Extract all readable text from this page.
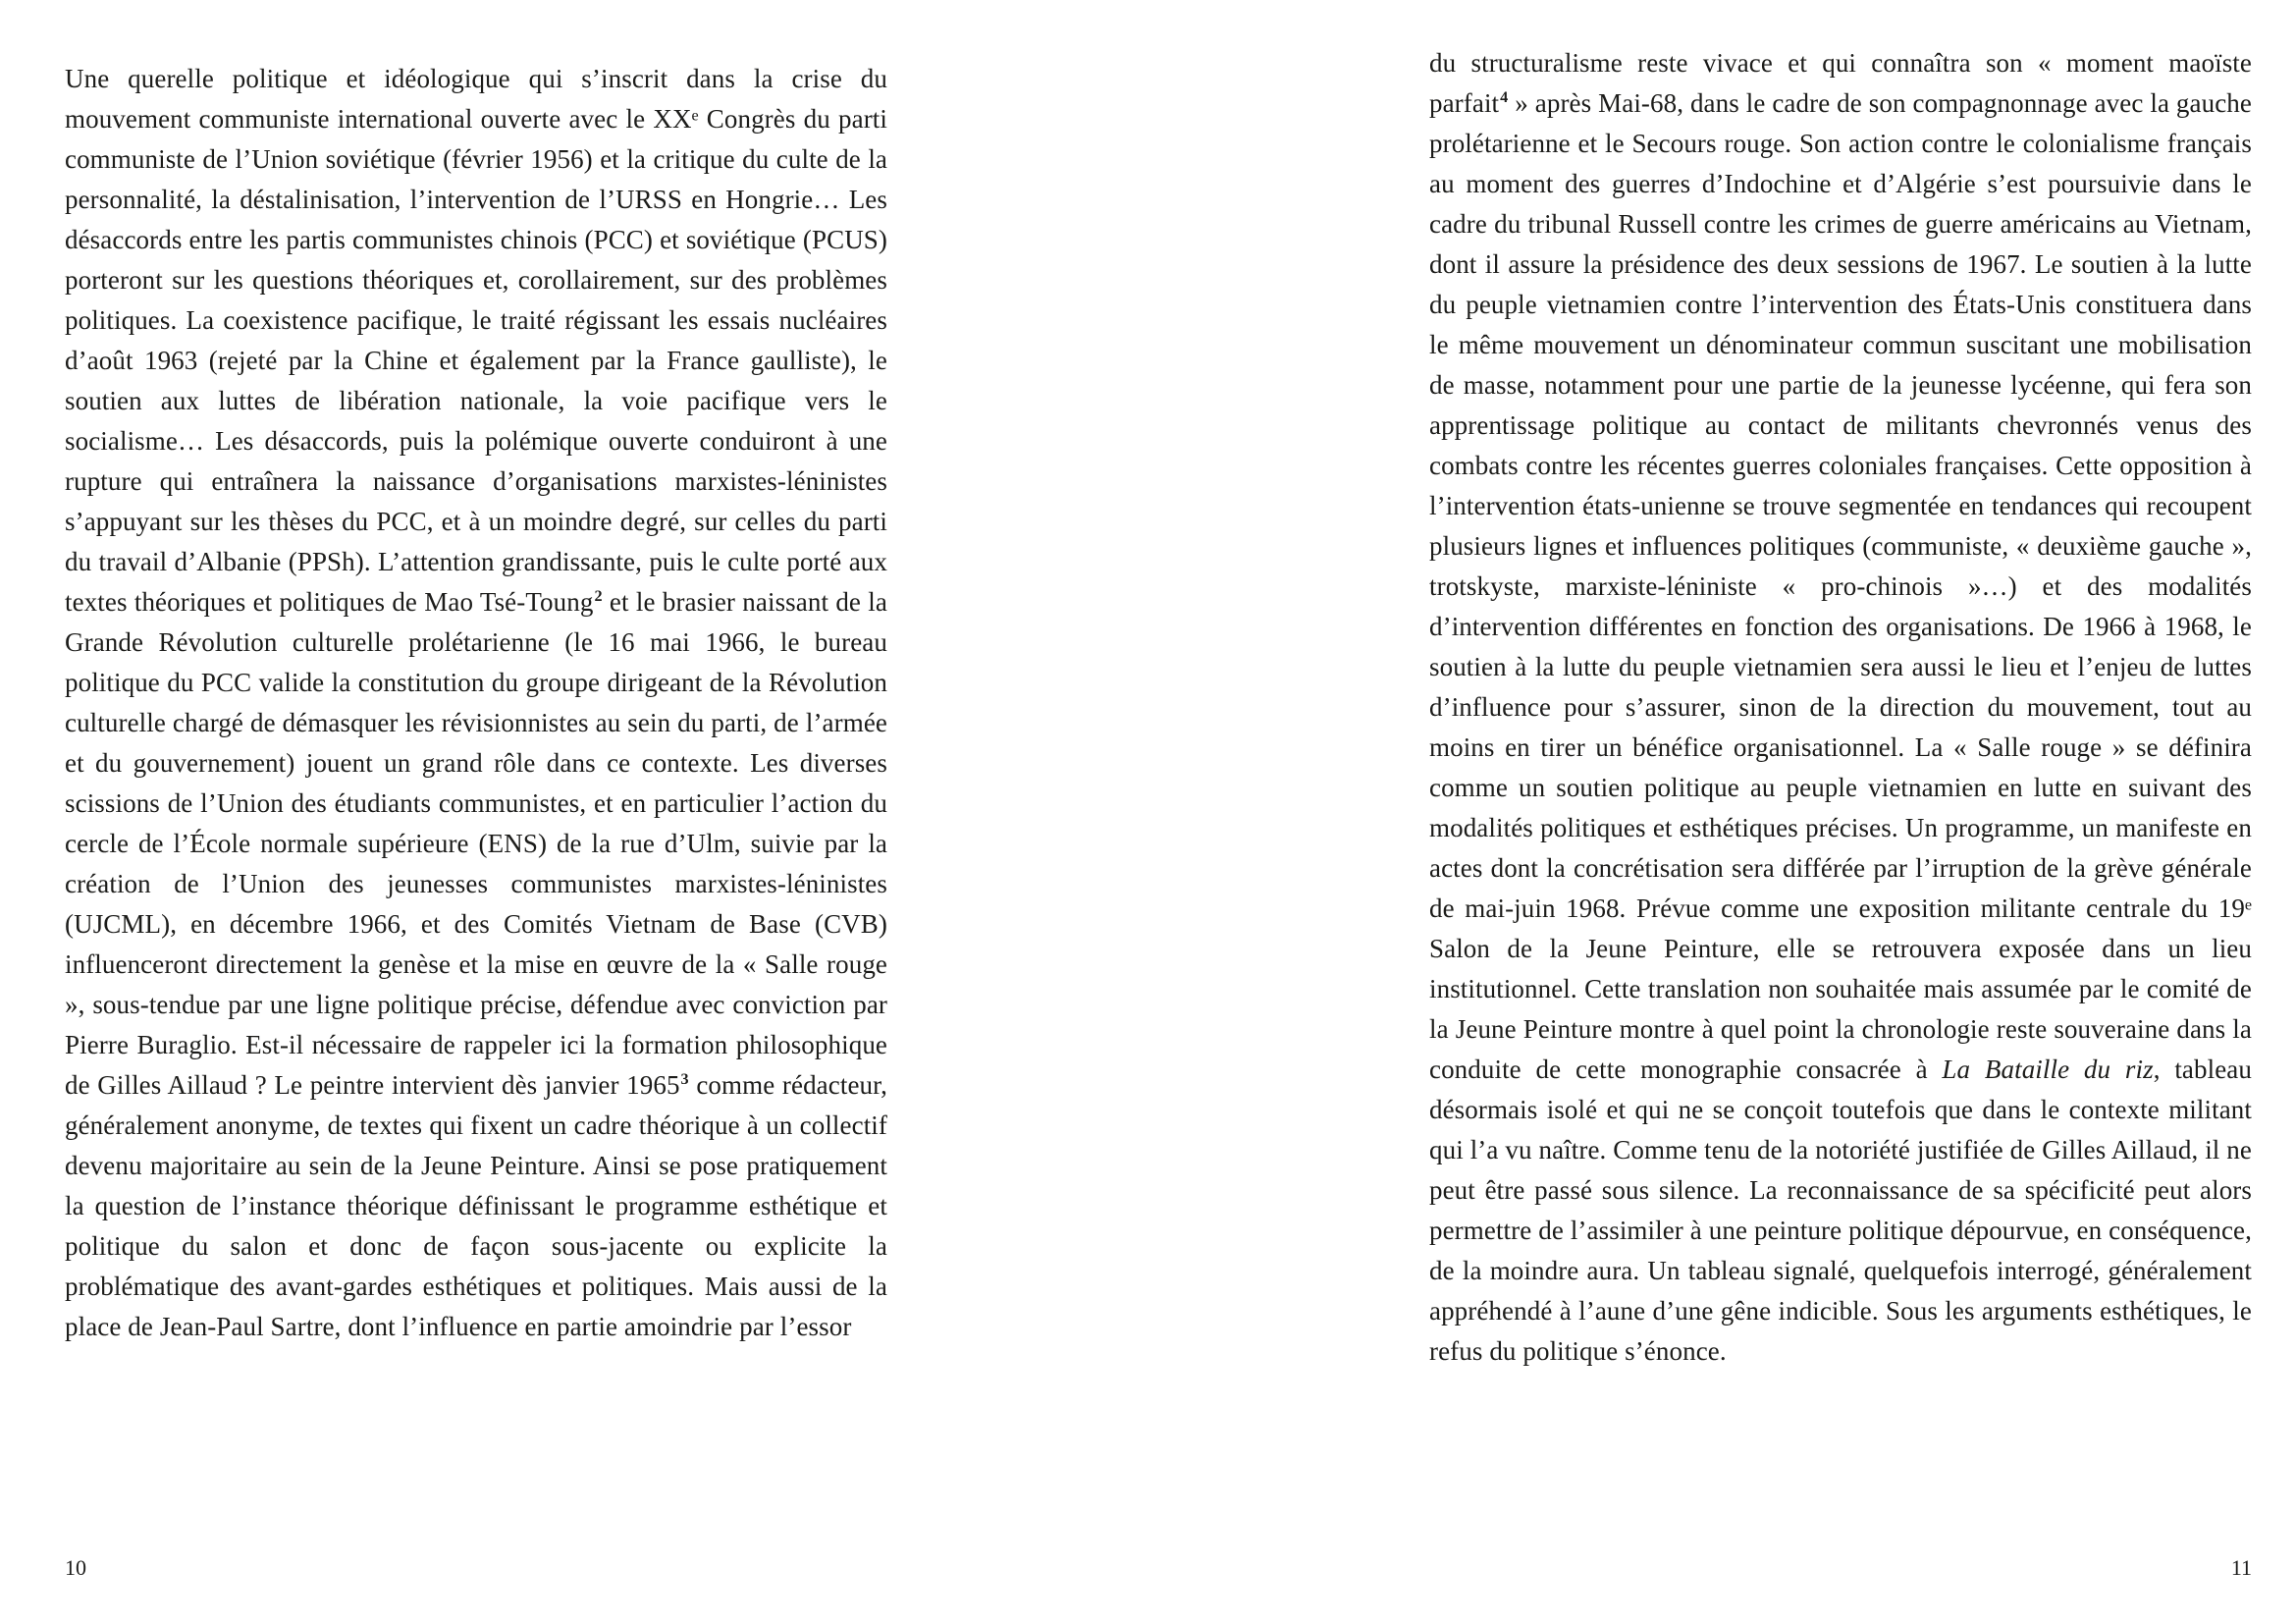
Une querelle politique et idéologique qui s’inscrit dans la crise du mouvement communiste international ouverte avec le XXᵉ Congrès du parti communiste de l’Union soviétique (février 1956) et la critique du culte de la personnalité, la déstalinisation, l’intervention de l’URSS en Hongrie… Les désaccords entre les partis communistes chinois (PCC) et soviétique (PCUS) porteront sur les questions théoriques et, corollairement, sur des problèmes politiques. La coexistence pacifique, le traité régissant les essais nucléaires d’août 1963 (rejeté par la Chine et également par la France gaulliste), le soutien aux luttes de libération nationale, la voie pacifique vers le socialisme… Les désaccords, puis la polémique ouverte conduiront à une rupture qui entraînera la naissance d’organisations marxistes-léninistes s’appuyant sur les thèses du PCC, et à un moindre degré, sur celles du parti du travail d’Albanie (PPSh). L’attention grandissante, puis le culte porté aux textes théoriques et politiques de Mao Tsé-Toung$^2$ et le brasier naissant de la Grande Révolution culturelle prolétarienne (le 16 mai 1966, le bureau politique du PCC valide la constitution du groupe dirigeant de la Révolution culturelle chargé de démasquer les révisionnistes au sein du parti, de l’armée et du gouvernement) jouent un grand rôle dans ce contexte. Les diverses scissions de l’Union des étudiants communistes, et en particulier l’action du cercle de l’École normale supérieure (ENS) de la rue d’Ulm, suivie par la création de l’Union des jeunesses communistes marxistes-léninistes (UJCML), en décembre 1966, et des Comités Vietnam de Base (CVB) influenceront directement la genèse et la mise en œuvre de la « Salle rouge », sous-tendue par une ligne politique précise, défendue avec conviction par Pierre Buraglio. Est-il nécessaire de rappeler ici la formation philosophique de Gilles Aillaud ? Le peintre intervient dès janvier 1965$^3$ comme rédacteur, généralement anonyme, de textes qui fixent un cadre théorique à un collectif devenu majoritaire au sein de la Jeune Peinture. Ainsi se pose pratiquement la question de l’instance théorique définissant le programme esthétique et politique du salon et donc de façon sous-jacente ou explicite la problématique des avant-gardes esthétiques et politiques. Mais aussi de la place de Jean-Paul Sartre, dont l’influence en partie amoindrie par l’essor

du structuralisme reste vivace et qui connaîtra son « moment maoïste parfait$^4$ » après Mai-68, dans le cadre de son compagnonnage avec la gauche prolétarienne et le Secours rouge. Son action contre le colonialisme français au moment des guerres d’Indochine et d’Algérie s’est poursuivie dans le cadre du tribunal Russell contre les crimes de guerre américains au Vietnam, dont il assure la présidence des deux sessions de 1967. Le soutien à la lutte du peuple vietnamien contre l’intervention des États-Unis constituera dans le même mouvement un dénominateur commun suscitant une mobilisation de masse, notamment pour une partie de la jeunesse lycéenne, qui fera son apprentissage politique au contact de militants chevronnés venus des combats contre les récentes guerres coloniales françaises. Cette opposition à l’intervention états-unienne se trouve segmentée en tendances qui recoupent plusieurs lignes et influences politiques (communiste, « deuxième gauche », trotskyste, marxiste-léniniste « pro-chinois »…) et des modalités d’intervention différentes en fonction des organisations. De 1966 à 1968, le soutien à la lutte du peuple vietnamien sera aussi le lieu et l’enjeu de luttes d’influence pour s’assurer, sinon de la direction du mouvement, tout au moins en tirer un bénéfice organisationnel. La « Salle rouge » se définira comme un soutien politique au peuple vietnamien en lutte en suivant des modalités politiques et esthétiques précises. Un programme, un manifeste en actes dont la concrétisation sera différée par l’irruption de la grève générale de mai-juin 1968. Prévue comme une exposition militante centrale du 19ᵉ Salon de la Jeune Peinture, elle se retrouvera exposée dans un lieu institutionnel. Cette translation non souhaitée mais assumée par le comité de la Jeune Peinture montre à quel point la chronologie reste souveraine dans la conduite de cette monographie consacrée à La Bataille du riz, tableau désormais isolé et qui ne se conçoit toutefois que dans le contexte militant qui l’a vu naître. Comme tenu de la notoriété justifiée de Gilles Aillaud, il ne peut être passé sous silence. La reconnaissance de sa spécificité peut alors permettre de l’assimiler à une peinture politique dépourvue, en conséquence, de la moindre aura. Un tableau signalé, quelquefois interrogé, généralement appréhendé à l’aune d’une gêne indicible. Sous les arguments esthétiques, le refus du politique s’énonce.

10	11
